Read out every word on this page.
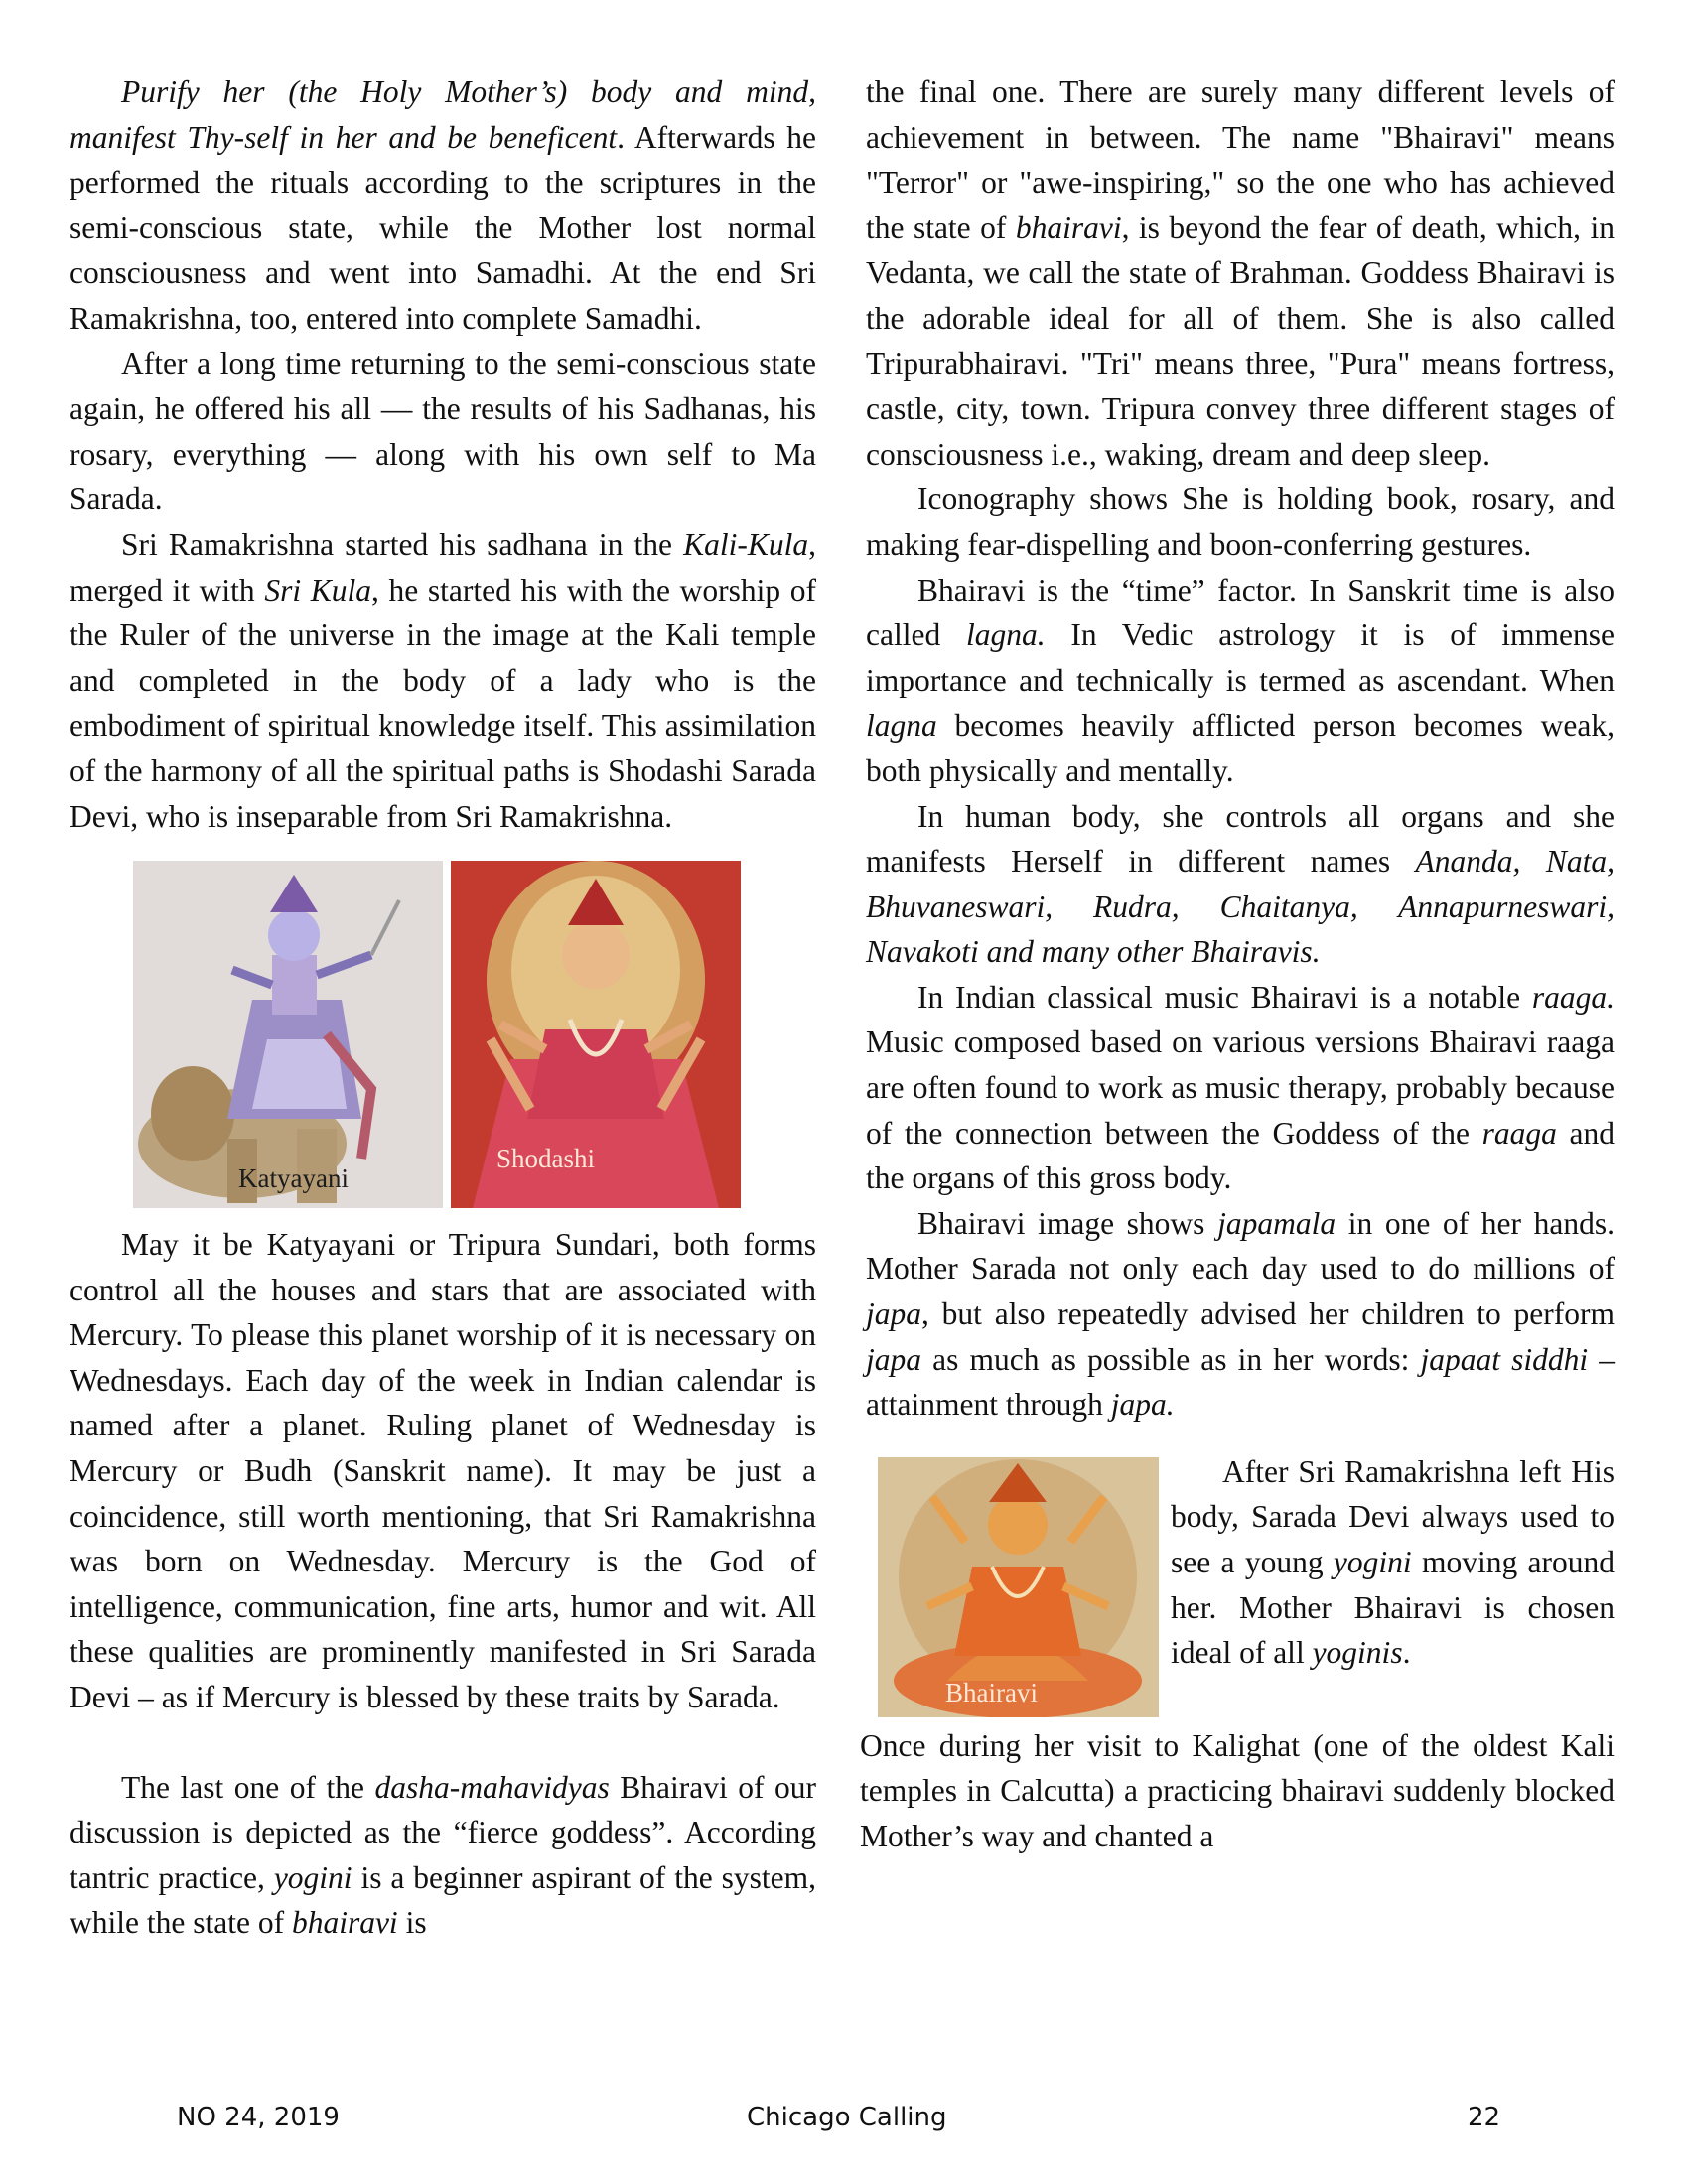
Purify her (the Holy Mother’s) body and mind, manifest Thy-self in her and be beneficent. Afterwards he performed the rituals according to the scriptures in the semi-conscious state, while the Mother lost normal consciousness and went into Samadhi. At the end Sri Ramakrishna, too, entered into complete Samadhi.

After a long time returning to the semi-conscious state again, he offered his all — the results of his Sadhanas, his rosary, everything — along with his own self to Ma Sarada.

Sri Ramakrishna started his sadhana in the Kali-Kula, merged it with Sri Kula, he started his with the worship of the Ruler of the universe in the image at the Kali temple and completed in the body of a lady who is the embodiment of spiritual knowledge itself. This assimilation of the harmony of all the spiritual paths is Shodashi Sarada Devi, who is inseparable from Sri Ramakrishna.

Katyayani
Shodashi

May it be Katyayani or Tripura Sundari, both forms control all the houses and stars that are associated with Mercury. To please this planet worship of it is necessary on Wednesdays. Each day of the week in Indian calendar is named after a planet. Ruling planet of Wednesday is Mercury or Budh (Sanskrit name). It may be just a coincidence, still worth mentioning, that Sri Ramakrishna was born on Wednesday. Mercury is the God of intelligence, communication, fine arts, humor and wit. All these qualities are prominently manifested in Sri Sarada Devi – as if Mercury is blessed by these traits by Sarada.

The last one of the dasha-mahavidyas Bhairavi of our discussion is depicted as the “fierce goddess”. According tantric practice, yogini is a beginner aspirant of the system, while the state of bhairavi is

the final one. There are surely many different levels of achievement in between. The name "Bhairavi" means "Terror" or "awe-inspiring," so the one who has achieved the state of bhairavi, is beyond the fear of death, which, in Vedanta, we call the state of Brahman. Goddess Bhairavi is the adorable ideal for all of them. She is also called Tripurabhairavi. "Tri" means three, "Pura" means fortress, castle, city, town. Tripura convey three different stages of consciousness i.e., waking, dream and deep sleep.

Iconography shows She is holding book, rosary, and making fear-dispelling and boon-conferring gestures.

Bhairavi is the “time” factor. In Sanskrit time is also called lagna. In Vedic astrology it is of immense importance and technically is termed as ascendant. When lagna becomes heavily afflicted person becomes weak, both physically and mentally.

In human body, she controls all organs and she manifests Herself in different names Ananda, Nata, Bhuvaneswari, Rudra, Chaitanya, Annapurneswari, Navakoti and many other Bhairavis.

In Indian classical music Bhairavi is a notable raaga. Music composed based on various versions Bhairavi raaga are often found to work as music therapy, probably because of the connection between the Goddess of the raaga and the organs of this gross body.

Bhairavi image shows japamala in one of her hands. Mother Sarada not only each day used to do millions of japa, but also repeatedly advised her children to perform japa as much as possible as in her words: japaat siddhi – attainment through japa.

Bhairavi

After Sri Ramakrishna left His body, Sarada Devi always used to see a young yogini moving around her. Mother Bhairavi is chosen ideal of all yoginis.

Once during her visit to Kalighat (one of the oldest Kali temples in Calcutta) a practicing bhairavi suddenly blocked Mother’s way and chanted a

NO 24, 2019	Chicago Calling	22
